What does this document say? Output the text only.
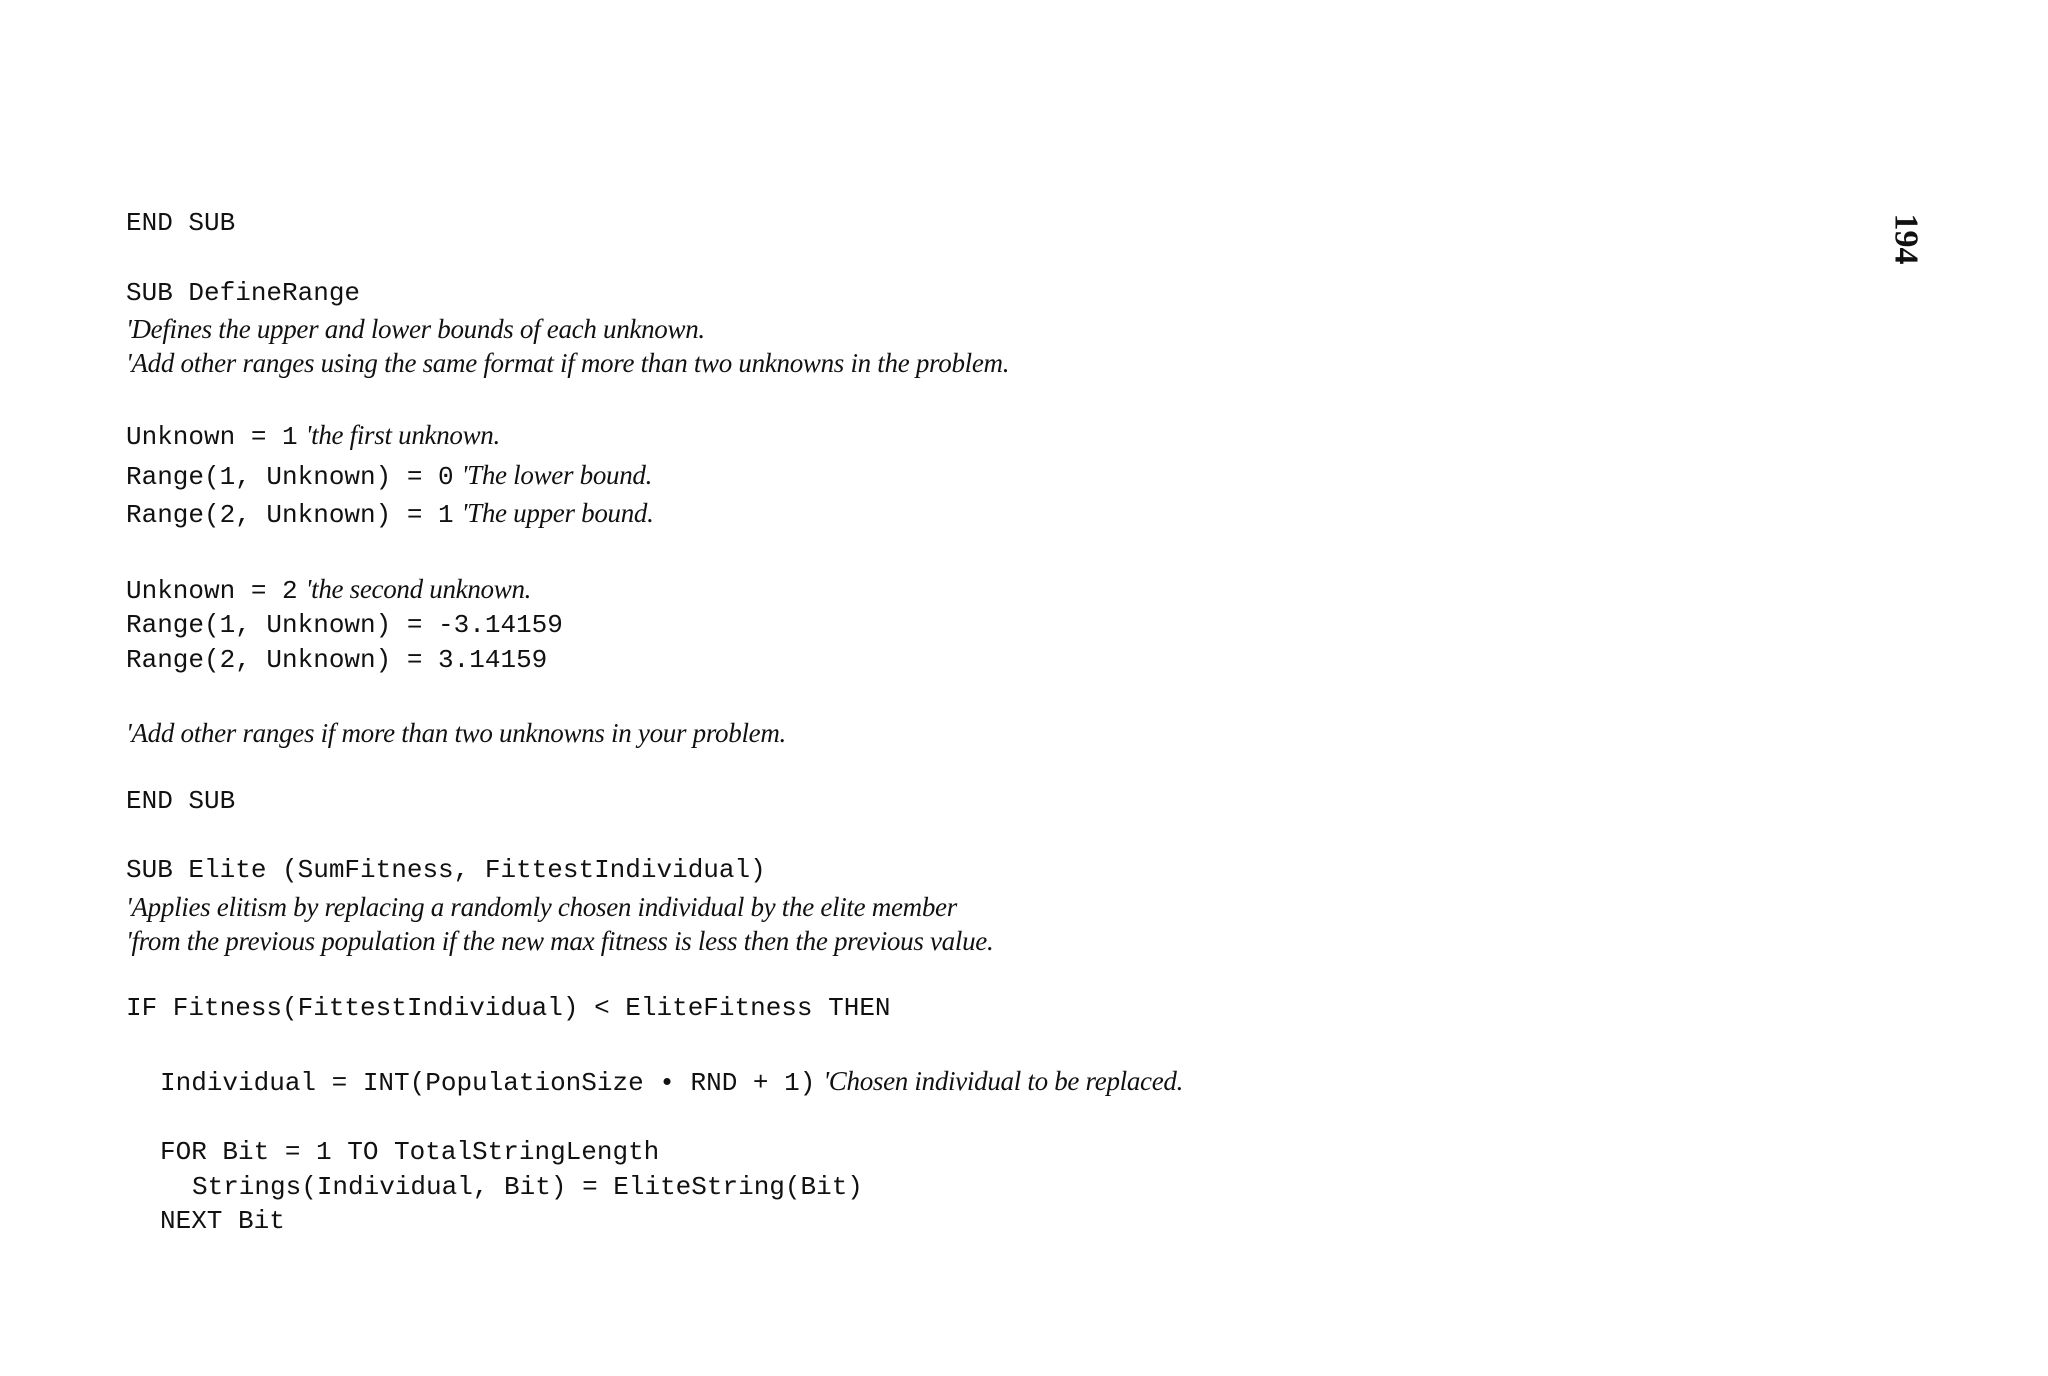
194
END SUB
SUB DefineRange
'Defines the upper and lower bounds of each unknown.
'Add other ranges using the same format if more than two unknowns in the problem.
Unknown = 1 'the first unknown.
Range(1, Unknown) = 0 'The lower bound.
Range(2, Unknown) = 1 'The upper bound.
Unknown = 2 'the second unknown.
Range(1, Unknown) = -3.14159
Range(2, Unknown) = 3.14159
'Add other ranges if more than two unknowns in your problem.
END SUB
SUB Elite (SumFitness, FittestIndividual)
'Applies elitism by replacing a randomly chosen individual by the elite member
'from the previous population if the new max fitness is less then the previous value.
IF Fitness(FittestIndividual) < EliteFitness THEN
Individual = INT(PopulationSize • RND + 1) 'Chosen individual to be replaced.
FOR Bit = 1 TO TotalStringLength
Strings(Individual, Bit) = EliteString(Bit)
NEXT Bit
